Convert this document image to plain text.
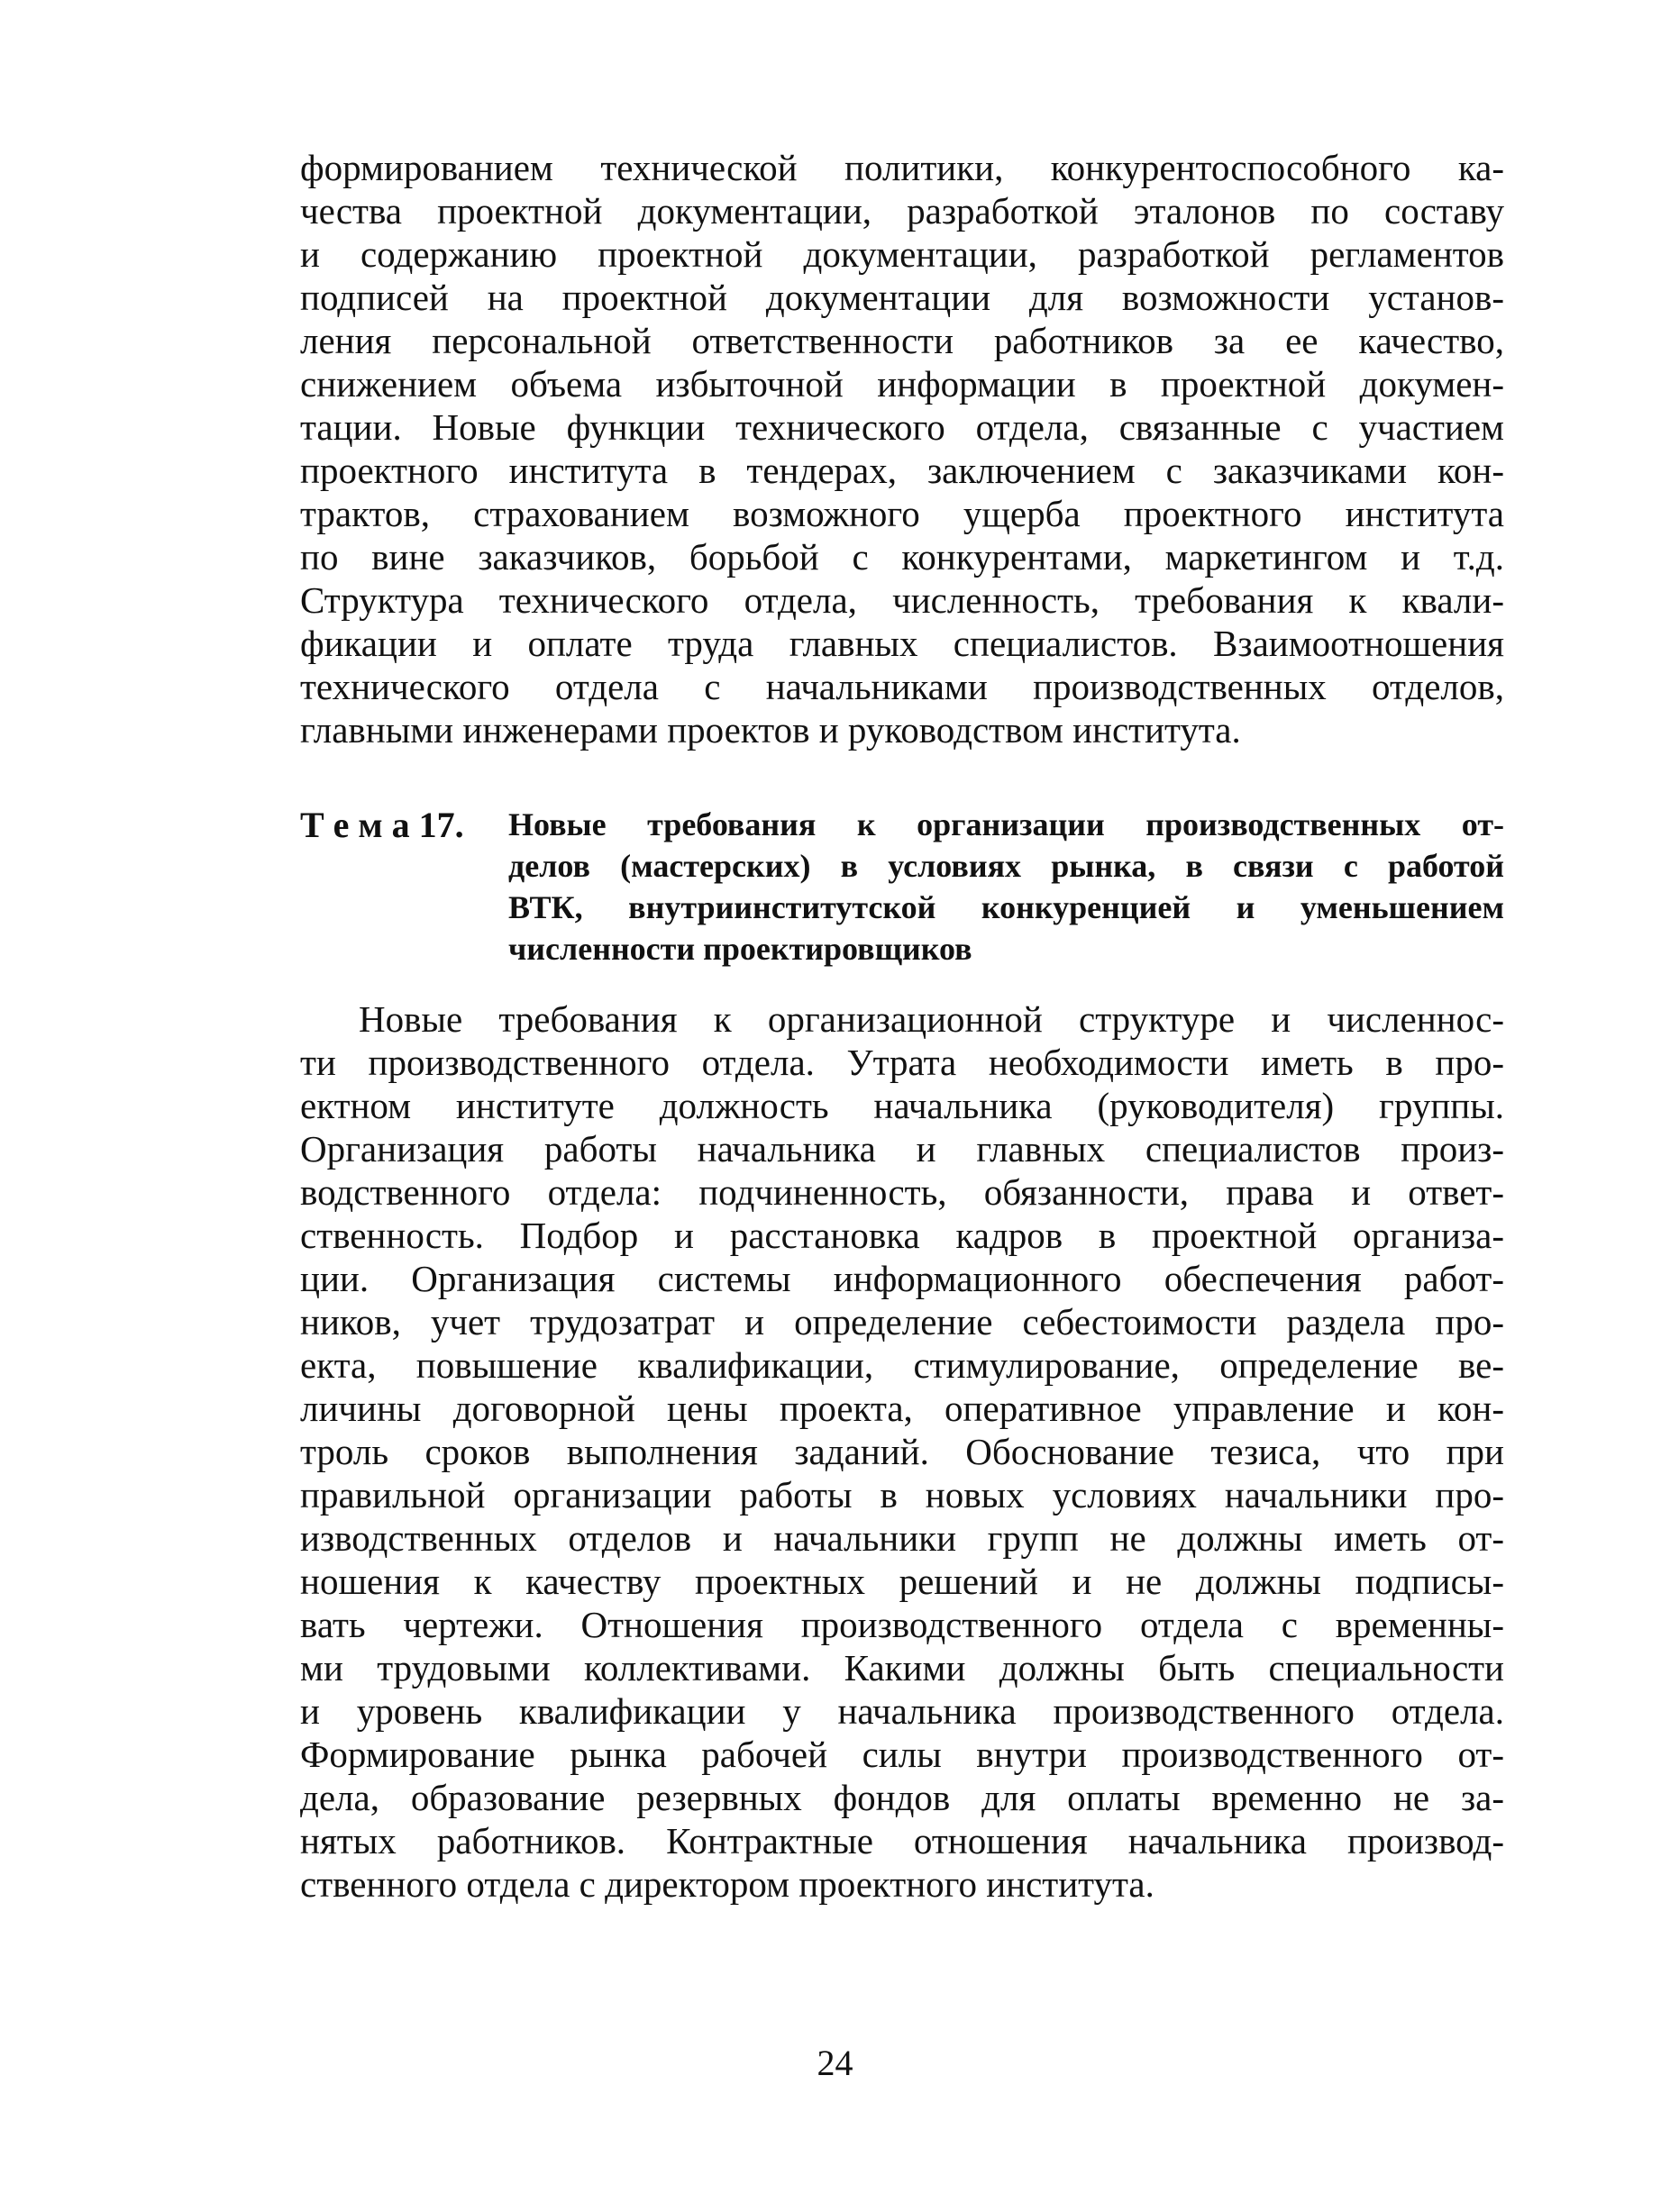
формированием технической политики, конкурентоспособного ка-
чества проектной документации, разработкой эталонов по составу
и содержанию проектной документации, разработкой регламентов
подписей на проектной документации для возможности установ-
ления персональной ответственности работников за ее качество,
снижением объема избыточной информации в проектной докумен-
тации. Новые функции технического отдела, связанные с участием
проектного института в тендерах, заключением с заказчиками кон-
трактов, страхованием возможного ущерба проектного института
по вине заказчиков, борьбой с конкурентами, маркетингом и т.д.
Структура технического отдела, численность, требования к квали-
фикации и оплате труда главных специалистов. Взаимоотношения
технического отдела с начальниками производственных отделов,
главными инженерами проектов и руководством института.
Т е м а 17. Новые требования к организации производственных от-
делов (мастерских) в условиях рынка, в связи с работой
ВТК, внутриинститутской конкуренцией и уменьшением
численности проектировщиков
Новые требования к организационной структуре и численнос-
ти производственного отдела. Утрата необходимости иметь в про-
ектном институте должность начальника (руководителя) группы.
Организация работы начальника и главных специалистов произ-
водственного отдела: подчиненность, обязанности, права и ответ-
ственность. Подбор и расстановка кадров в проектной организа-
ции. Организация системы информационного обеспечения работ-
ников, учет трудозатрат и определение себестоимости раздела про-
екта, повышение квалификации, стимулирование, определение ве-
личины договорной цены проекта, оперативное управление и кон-
троль сроков выполнения заданий. Обоснование тезиса, что при
правильной организации работы в новых условиях начальники про-
изводственных отделов и начальники групп не должны иметь от-
ношения к качеству проектных решений и не должны подписы-
вать чертежи. Отношения производственного отдела с временны-
ми трудовыми коллективами. Какими должны быть специальности
и уровень квалификации у начальника производственного отдела.
Формирование рынка рабочей силы внутри производственного от-
дела, образование резервных фондов для оплаты временно не за-
нятых работников. Контрактные отношения начальника производ-
ственного отдела с директором проектного института.
24
